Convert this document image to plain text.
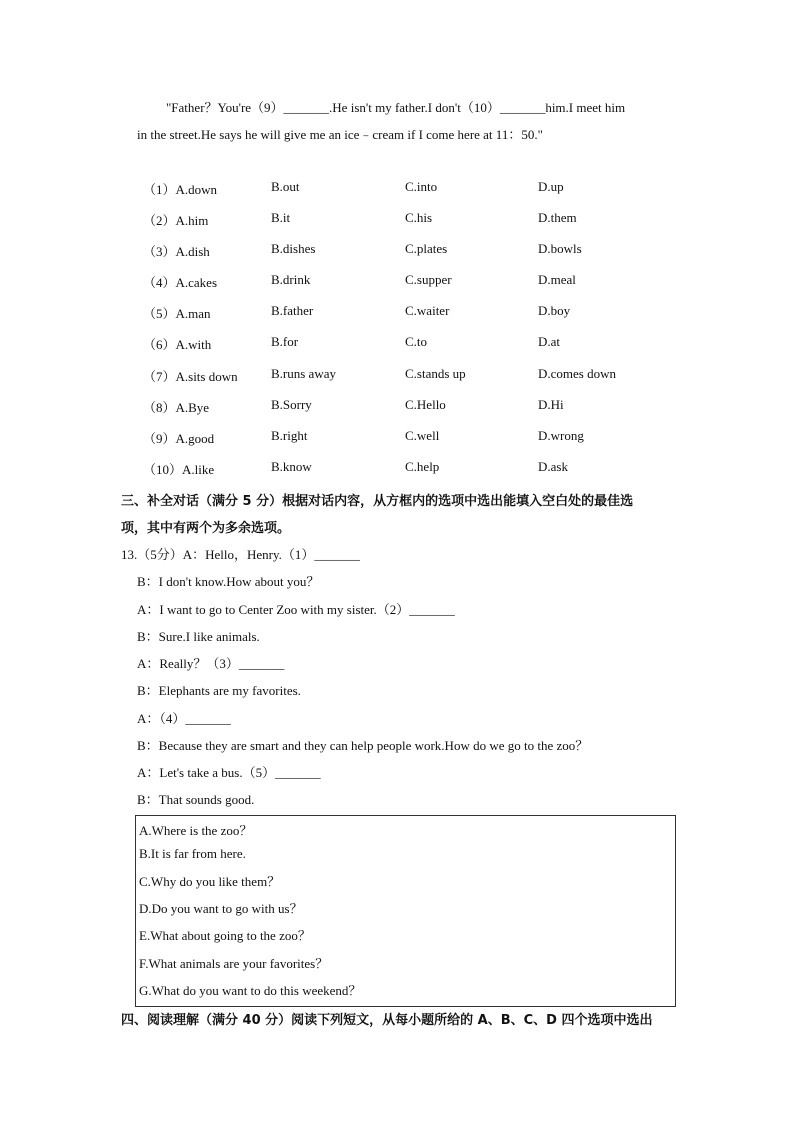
"Father？You're（9）_______.He isn't my father.I don't（10）_______him.I meet him
in the street.He says he will give me an ice﹣cream if I come here at 11：50."
（1）A.down	B.out	C.into	D.up
（2）A.him	B.it	C.his	D.them
（3）A.dish	B.dishes	C.plates	D.bowls
（4）A.cakes	B.drink	C.supper	D.meal
（5）A.man	B.father	C.waiter	D.boy
（6）A.with	B.for	C.to	D.at
（7）A.sits down	B.runs away	C.stands up	D.comes down
（8）A.Bye	B.Sorry	C.Hello	D.Hi
（9）A.good	B.right	C.well	D.wrong
（10）A.like	B.know	C.help	D.ask
三、补全对话（满分 5 分）根据对话内容，从方框内的选项中选出能填入空白处的最佳选
项，其中有两个为多余选项。
13.（5分）A：Hello，Henry.（1）_______
B：I don't know.How about you？
A：I want to go to Center Zoo with my sister.（2）_______
B：Sure.I like animals.
A：Really？（3）_______
B：Elephants are my favorites.
A：（4）_______
B：Because they are smart and they can help people work.How do we go to the zoo？
A：Let's take a bus.（5）_______
B：That sounds good.
A.Where is the zoo？
B.It is far from here.
C.Why do you like them？
D.Do you want to go with us？
E.What about going to the zoo？
F.What animals are your favorites？
G.What do you want to do this weekend？
四、阅读理解（满分 40 分）阅读下列短文，从每小题所给的 A、B、C、D 四个选项中选出
